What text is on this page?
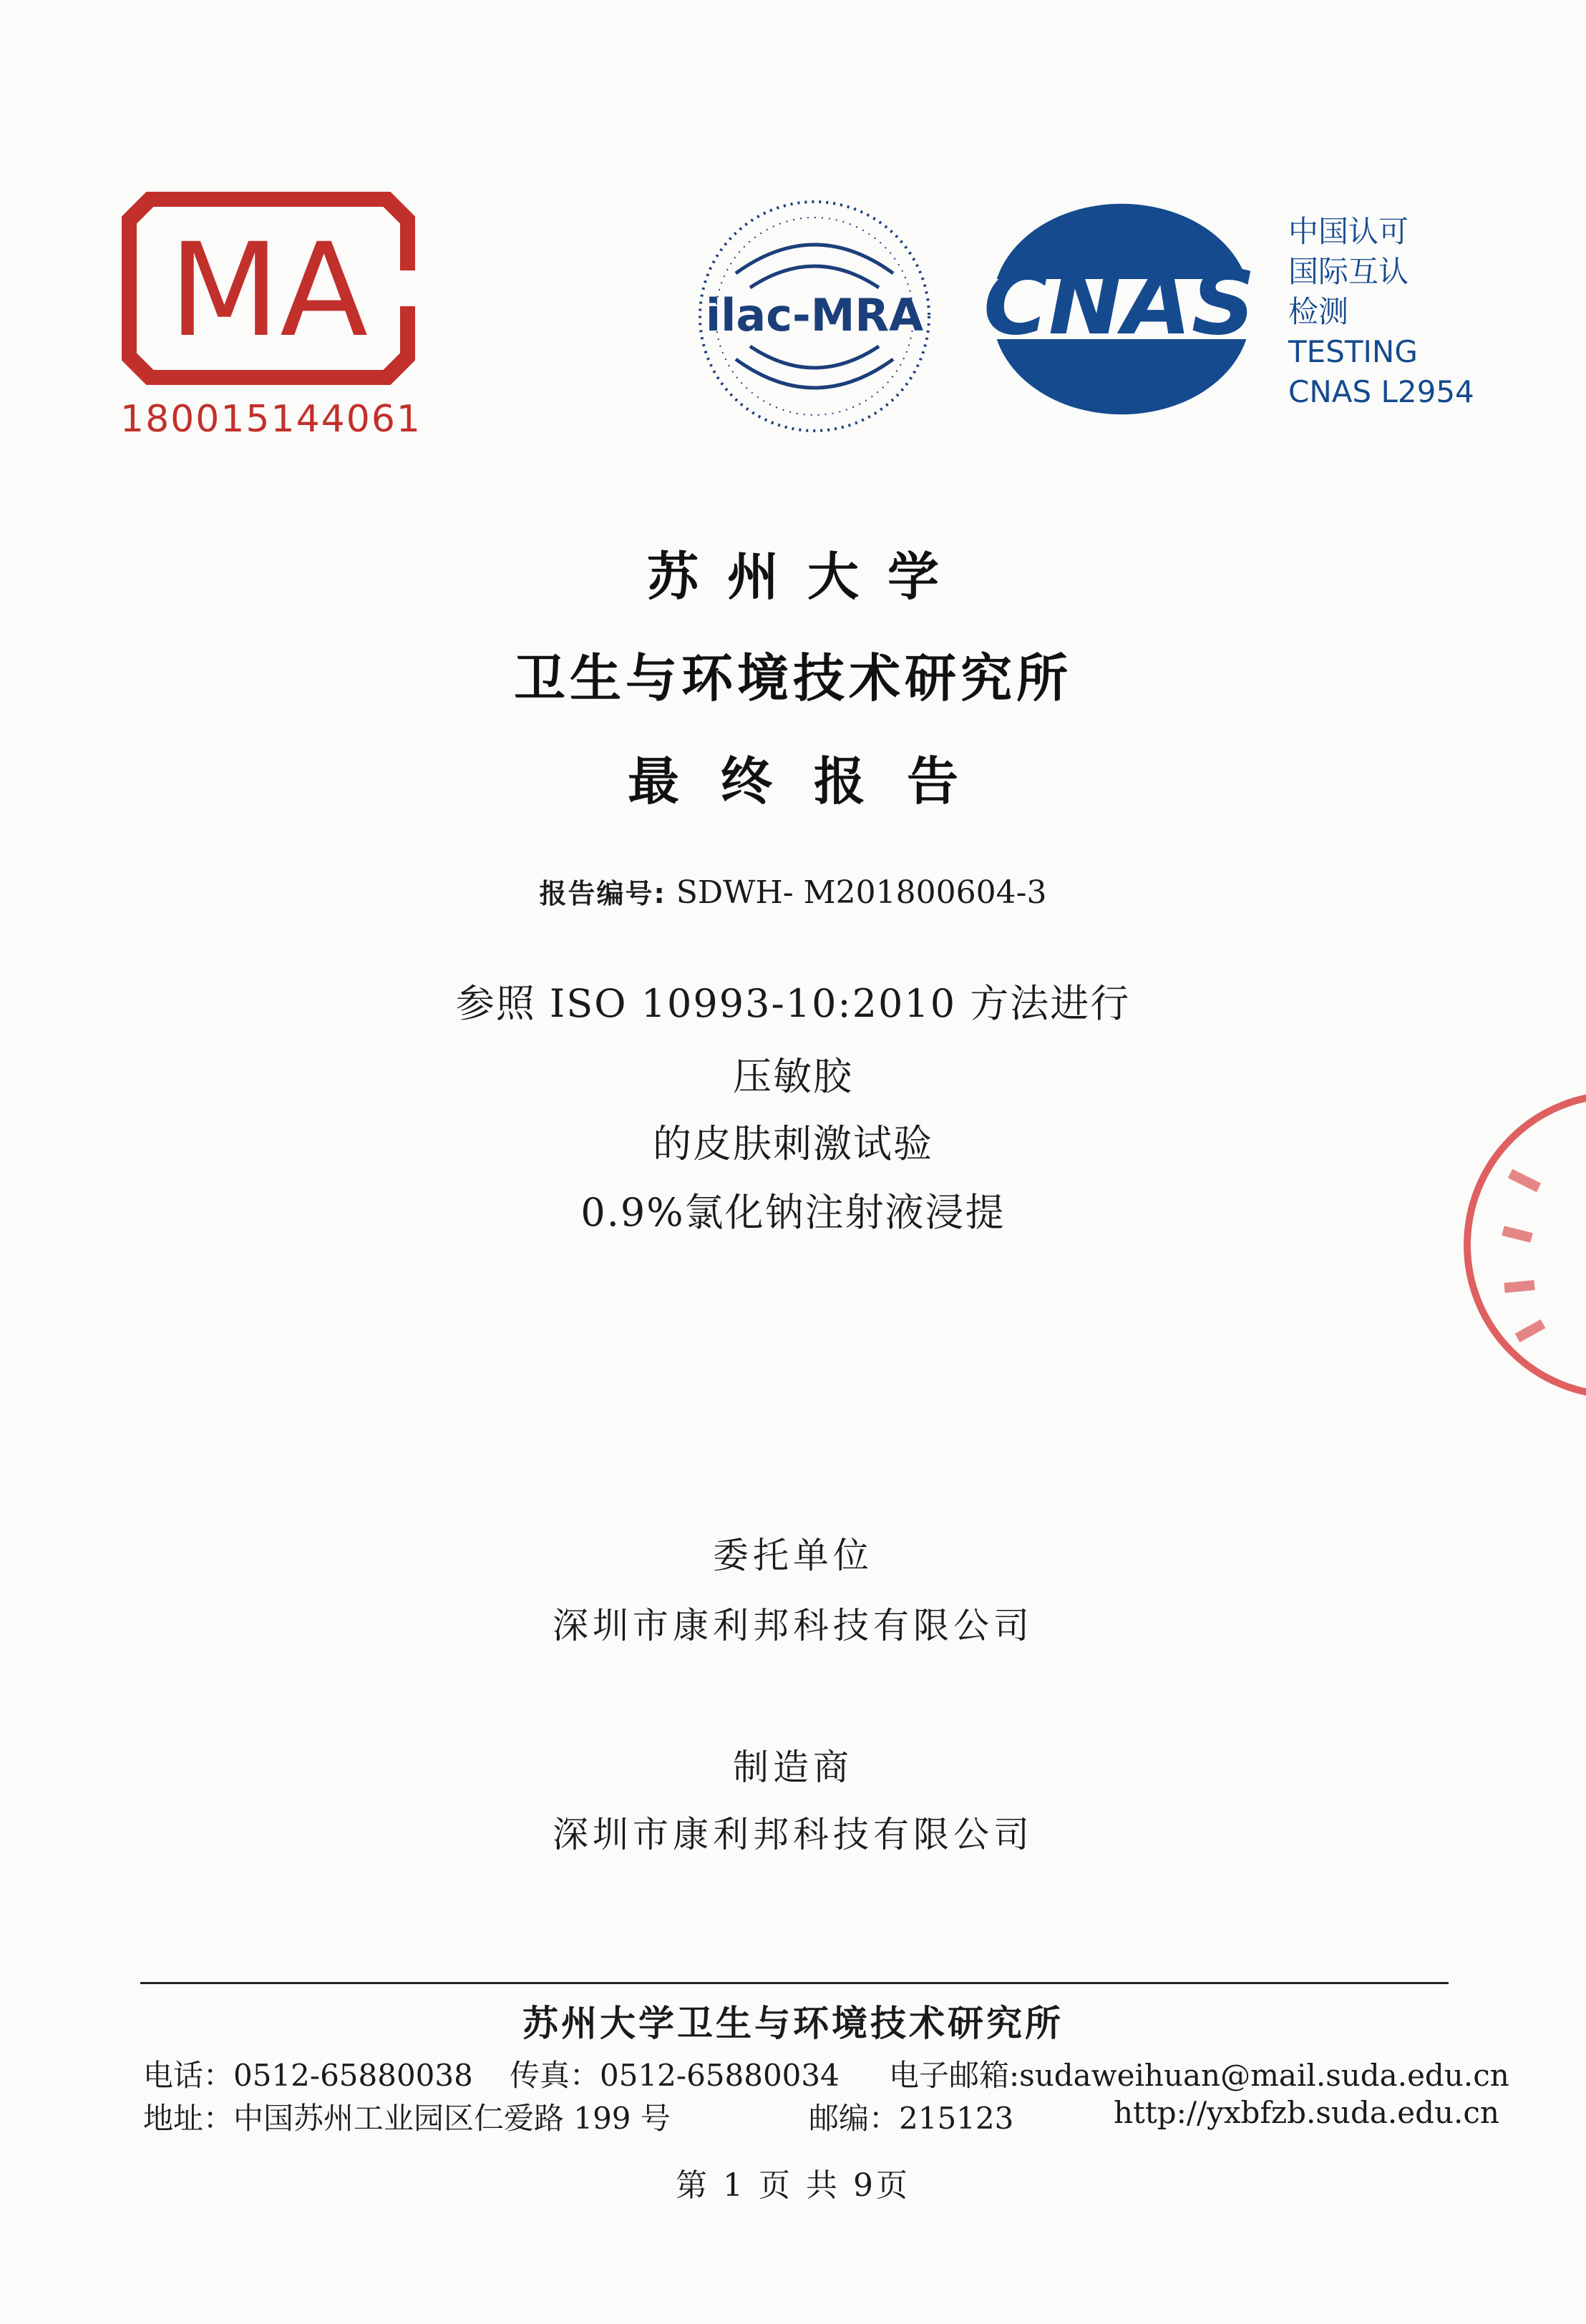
MA
180015144061
ilac-MRA CNAS
中国认可
国际互认
检测
TESTING
CNAS L2954
苏州大学
卫生与环境技术研究所
最终报告
报告编号: SDWH- M201800604-3
参照 ISO 10993-10:2010 方法进行
压敏胶
的皮肤刺激试验
0.9%氯化钠注射液浸提
委托单位
深圳市康利邦科技有限公司
制造商
深圳市康利邦科技有限公司
苏州大学卫生与环境技术研究所
电话：0512-65880038 传真：0512-65880034 电子邮箱:sudaweihuan@mail.suda.edu.cn
地址：中国苏州工业园区仁爱路 199 号	邮编：215123	http://yxbfzb.suda.edu.cn
第 1 页 共 9页
